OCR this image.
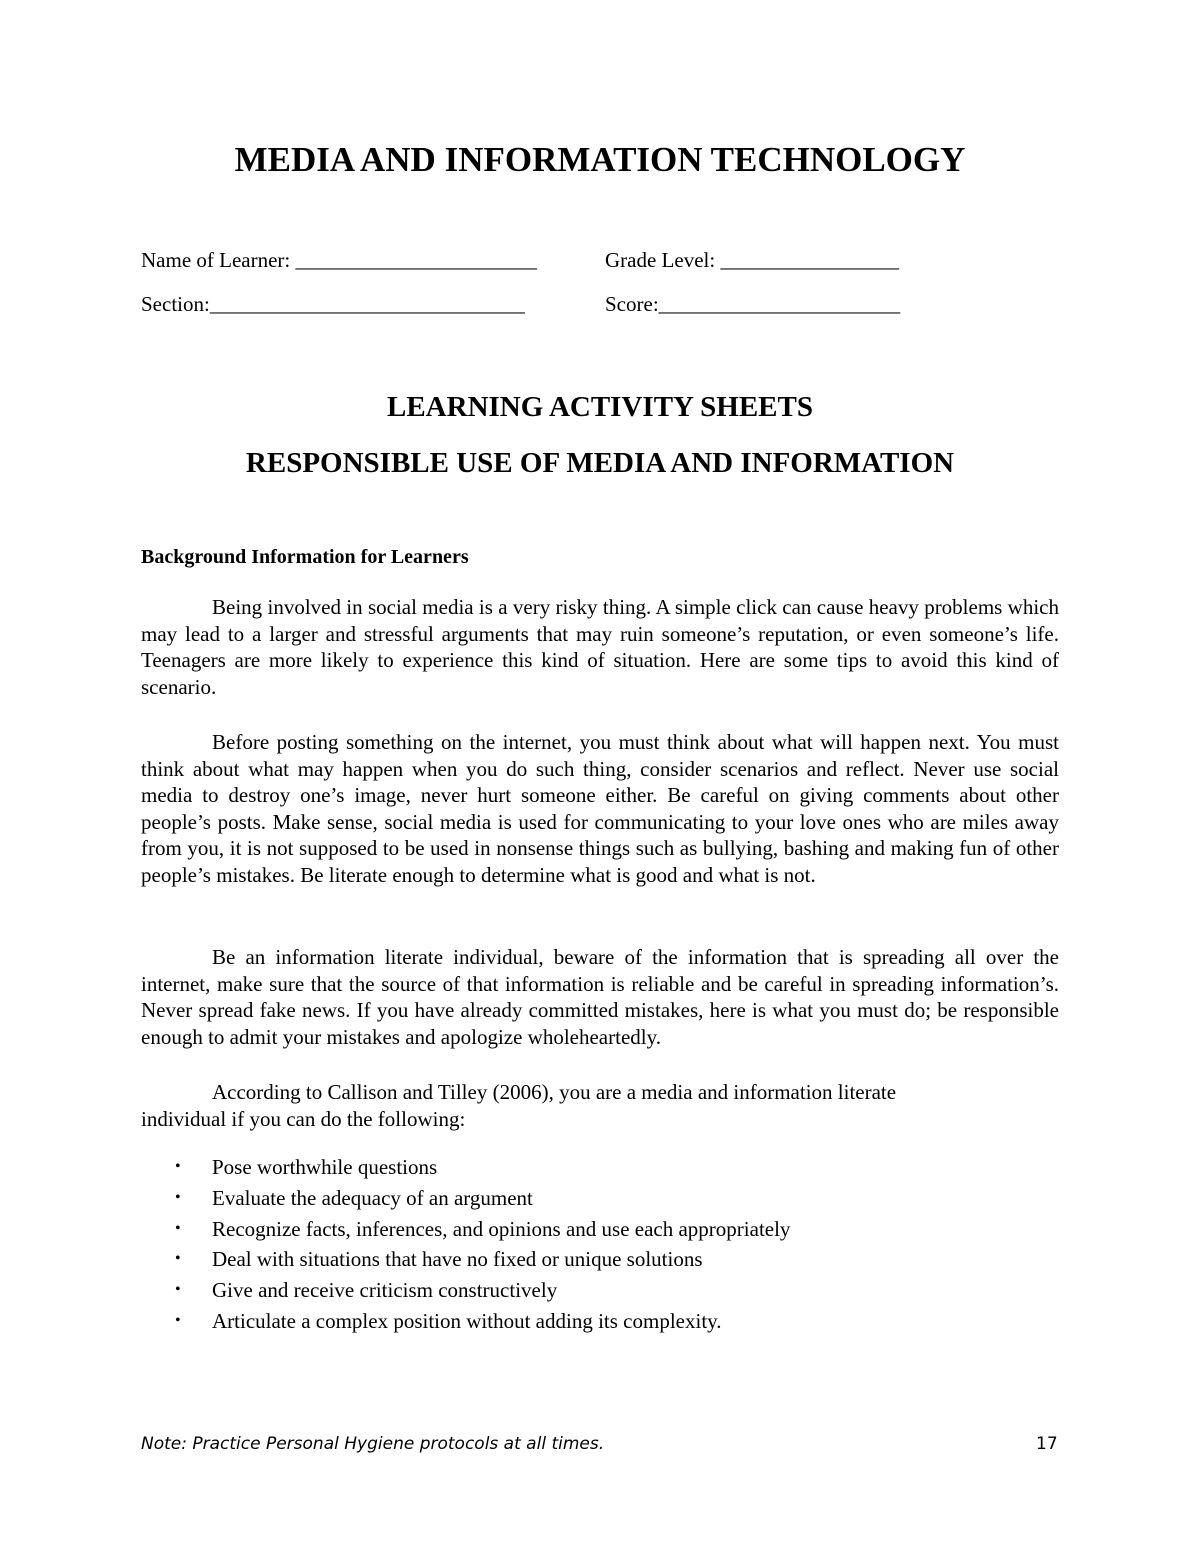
MEDIA AND INFORMATION TECHNOLOGY
Name of Learner: _______________________	Grade Level: _________________
Section:______________________________	Score:_______________________
LEARNING ACTIVITY SHEETS
RESPONSIBLE USE OF MEDIA AND INFORMATION
Background Information for Learners

Being involved in social media is a very risky thing. A simple click can cause heavy problems which may lead to a larger and stressful arguments that may ruin someone’s reputation, or even someone’s life. Teenagers are more likely to experience this kind of situation. Here are some tips to avoid this kind of scenario.

Before posting something on the internet, you must think about what will happen next. You must think about what may happen when you do such thing, consider scenarios and reflect. Never use social media to destroy one’s image, never hurt someone either. Be careful on giving comments about other people’s posts. Make sense, social media is used for communicating to your love ones who are miles away from you, it is not supposed to be used in nonsense things such as bullying, bashing and making fun of other people’s mistakes. Be literate enough to determine what is good and what is not.

Be an information literate individual, beware of the information that is spreading all over the internet, make sure that the source of that information is reliable and be careful in spreading information’s. Never spread fake news. If you have already committed mistakes, here is what you must do; be responsible enough to admit your mistakes and apologize wholeheartedly.

According to Callison and Tilley (2006), you are a media and information literate individual if you can do the following:

• Pose worthwhile questions
• Evaluate the adequacy of an argument
• Recognize facts, inferences, and opinions and use each appropriately
• Deal with situations that have no fixed or unique solutions
• Give and receive criticism constructively
• Articulate a complex position without adding its complexity.
Note: Practice Personal Hygiene protocols at all times.	17
